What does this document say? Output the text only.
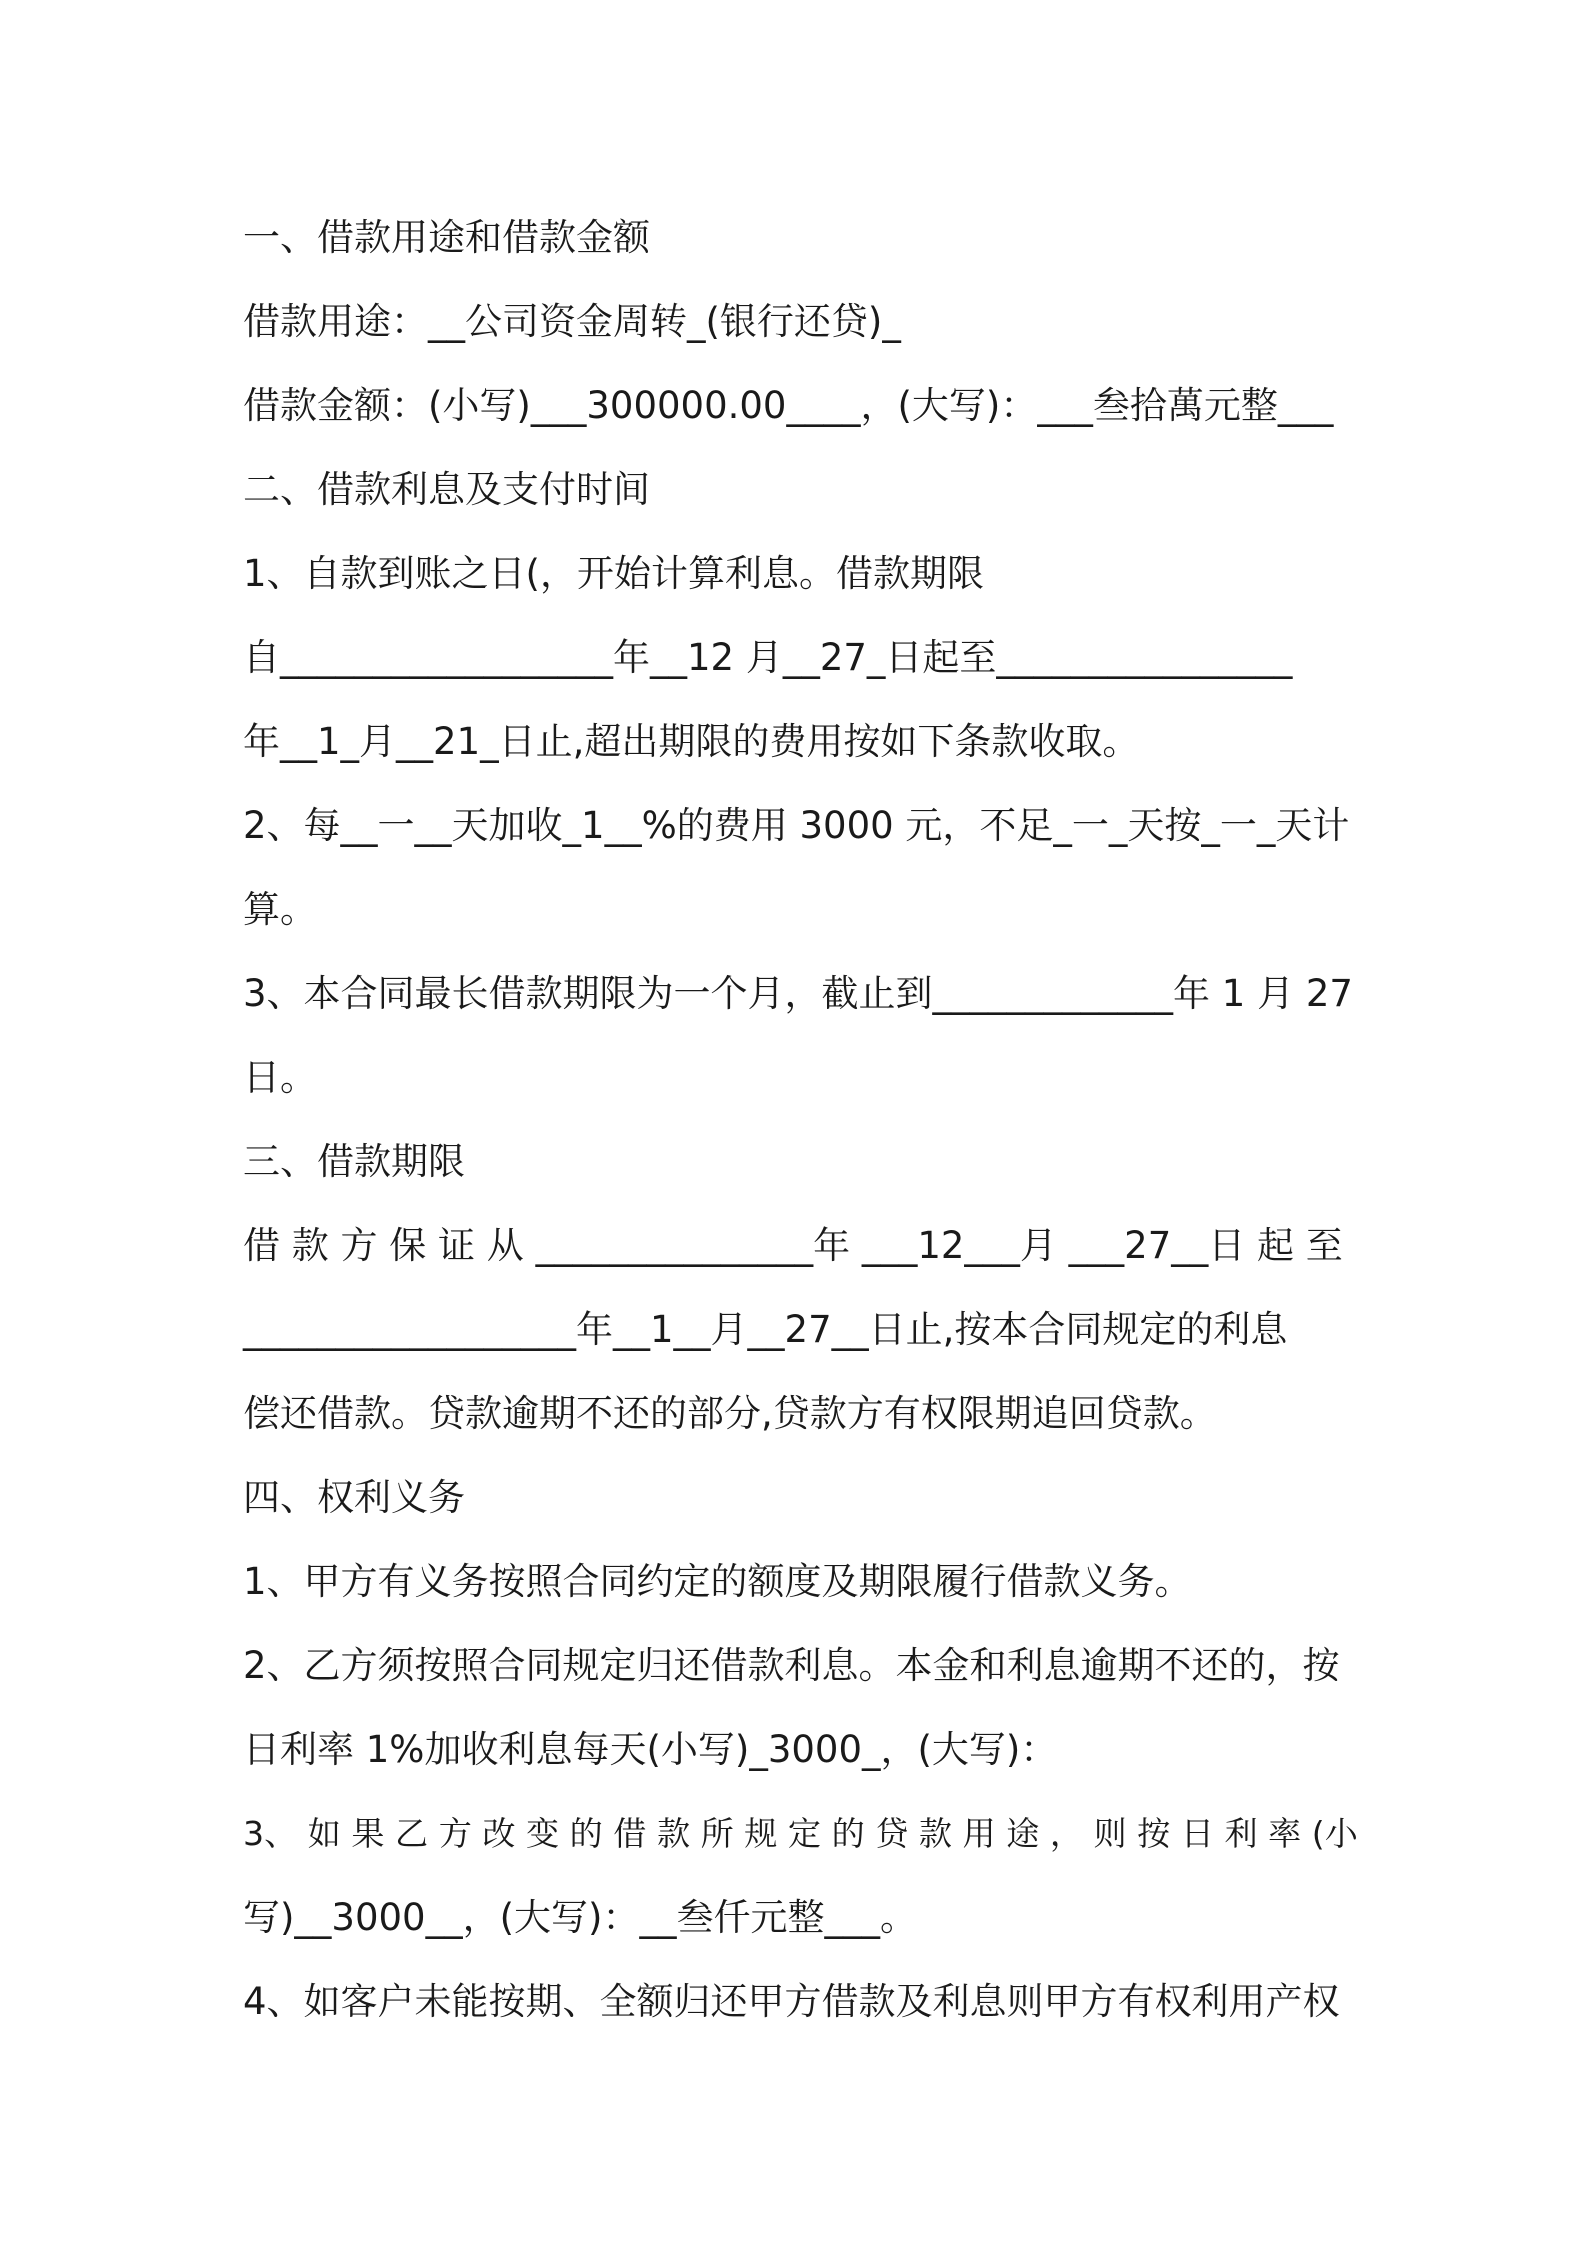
一、借款用途和借款金额
借款用途：__公司资金周转_(银行还贷)_
借款金额：(小写)___300000.00____，(大写)：___叁拾萬元整___
二、借款利息及支付时间
1、自款到账之日(，开始计算利息。借款期限
自__________________年__12 月__27_日起至________________
年__1_月__21_日止,超出期限的费用按如下条款收取。
2、每__一__天加收_1__%的费用 3000 元，不足_一_天按_一_天计
算。
3、本合同最长借款期限为一个月，截止到_____________年 1 月 27
日。
三、借款期限
借 款 方 保 证 从 _______________年 ___12___月 ___27__日 起 至
__________________年__1__月__27__日止,按本合同规定的利息
偿还借款。贷款逾期不还的部分,贷款方有权限期追回贷款。
四、权利义务
1、甲方有义务按照合同约定的额度及期限履行借款义务。
2、乙方须按照合同规定归还借款利息。本金和利息逾期不还的，按
日利率 1%加收利息每天(小写)_3000_，(大写)：
3、 如 果 乙 方 改 变 的 借 款 所 规 定 的 贷 款 用 途 ， 则 按 日 利 率 (小
写)__3000__，(大写)：__叁仟元整___。
4、如客户未能按期、全额归还甲方借款及利息则甲方有权利用产权
